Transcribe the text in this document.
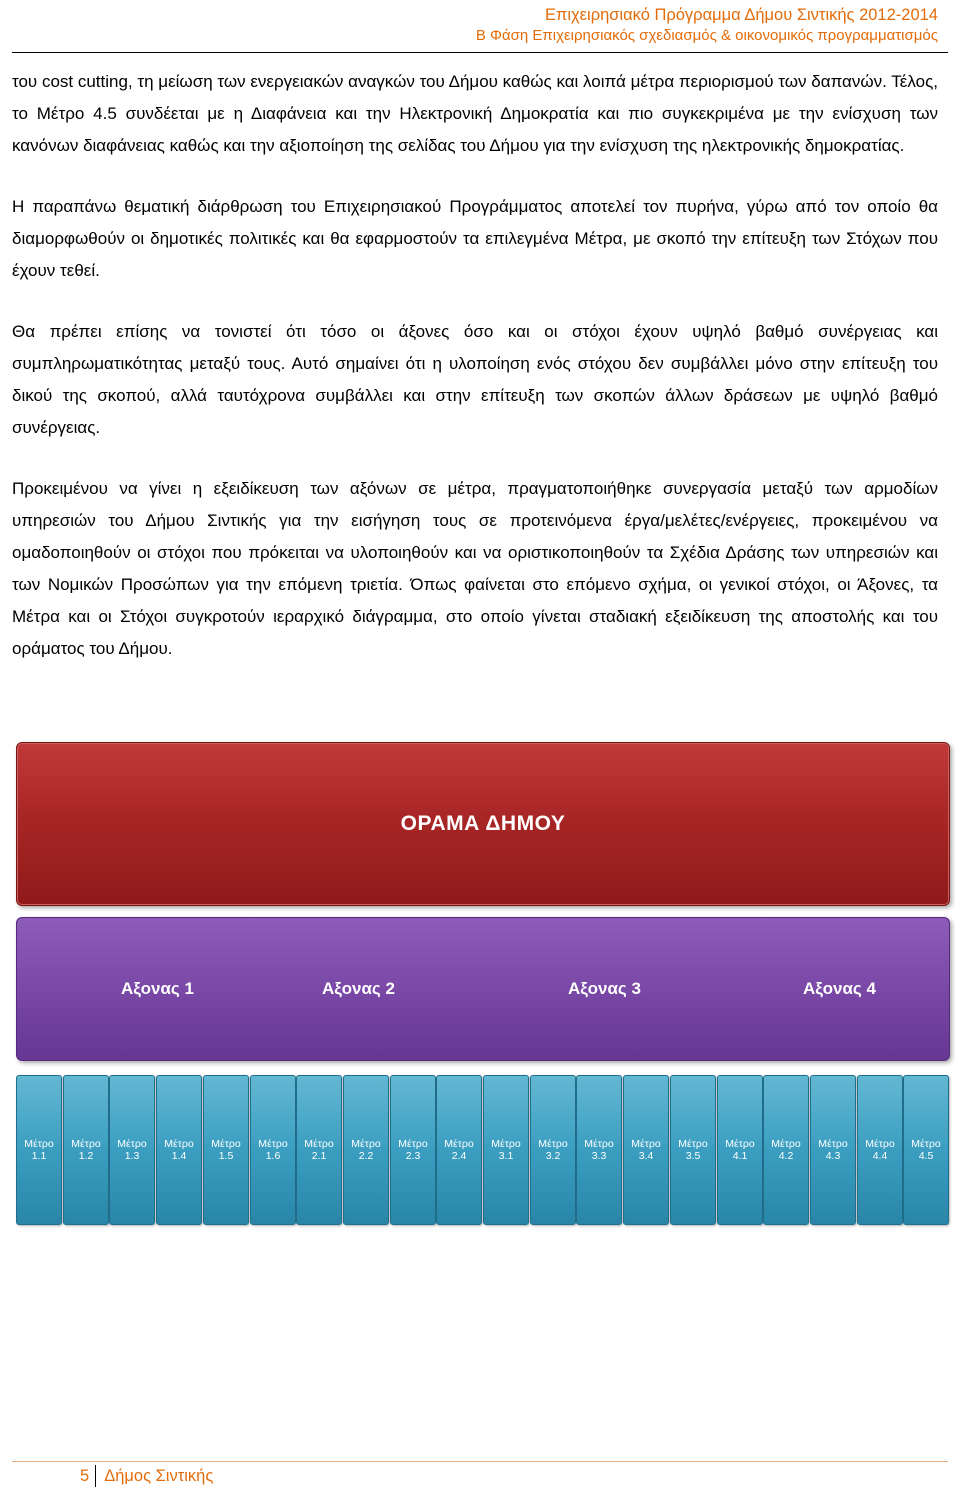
Επιχειρησιακό Πρόγραμμα Δήμου Σιντικής 2012-2014
Β Φάση Επιχειρησιακός σχεδιασμός & οικονομικός προγραμματισμός

του cost cutting, τη μείωση των ενεργειακών αναγκών του Δήμου καθώς και λοιπά μέτρα περιορισμού των δαπανών. Τέλος, το Μέτρο 4.5 συνδέεται με η Διαφάνεια και την Ηλεκτρονική Δημοκρατία και πιο συγκεκριμένα με την ενίσχυση των κανόνων διαφάνειας καθώς και την αξιοποίηση της σελίδας του Δήμου για την ενίσχυση της ηλεκτρονικής δημοκρατίας.

Η παραπάνω θεματική διάρθρωση του Επιχειρησιακού Προγράμματος αποτελεί τον πυρήνα, γύρω από τον οποίο θα διαμορφωθούν οι δημοτικές πολιτικές και θα εφαρμοστούν τα επιλεγμένα Μέτρα, με σκοπό την επίτευξη των Στόχων που έχουν τεθεί.

Θα πρέπει επίσης να τονιστεί ότι τόσο οι άξονες όσο και οι στόχοι έχουν υψηλό βαθμό συνέργειας και συμπληρωματικότητας μεταξύ τους. Αυτό σημαίνει ότι η υλοποίηση ενός στόχου δεν συμβάλλει μόνο στην επίτευξη του δικού της σκοπού, αλλά ταυτόχρονα συμβάλλει και στην επίτευξη των σκοπών άλλων δράσεων με υψηλό βαθμό συνέργειας.

Προκειμένου να γίνει η εξειδίκευση των αξόνων σε μέτρα, πραγματοποιήθηκε συνεργασία μεταξύ των αρμοδίων υπηρεσιών του Δήμου Σιντικής για την εισήγηση τους σε προτεινόμενα έργα/μελέτες/ενέργειες, προκειμένου να ομαδοποιηθούν οι στόχοι που πρόκειται να υλοποιηθούν και να οριστικοποιηθούν τα Σχέδια Δράσης των υπηρεσιών και των Νομικών Προσώπων για την επόμενη τριετία. Όπως φαίνεται στο επόμενο σχήμα, οι γενικοί στόχοι, οι Άξονες, τα Μέτρα και οι Στόχοι συγκροτούν ιεραρχικό διάγραμμα, στο οποίο γίνεται σταδιακή εξειδίκευση της αποστολής και του οράματος του Δήμου.

ΟΡΑΜΑ ΔΗΜΟΥ
Αξονας 1	Αξονας 2	Αξονας 3	Αξονας 4
Μέτρο
1.1
Μέτρο
1.2
Μέτρο
1.3
Μέτρο
1.4
Μέτρο
1.5
Μέτρο
1.6
Μέτρο
2.1
Μέτρο
2.2
Μέτρο
2.3
Μέτρο
2.4
Μέτρο
3.1
Μέτρο
3.2
Μέτρο
3.3
Μέτρο
3.4
Μέτρο
3.5
Μέτρο
4.1
Μέτρο
4.2
Μέτρο
4.3
Μέτρο
4.4
Μέτρο
4.5
5 Δήμος Σιντικής
